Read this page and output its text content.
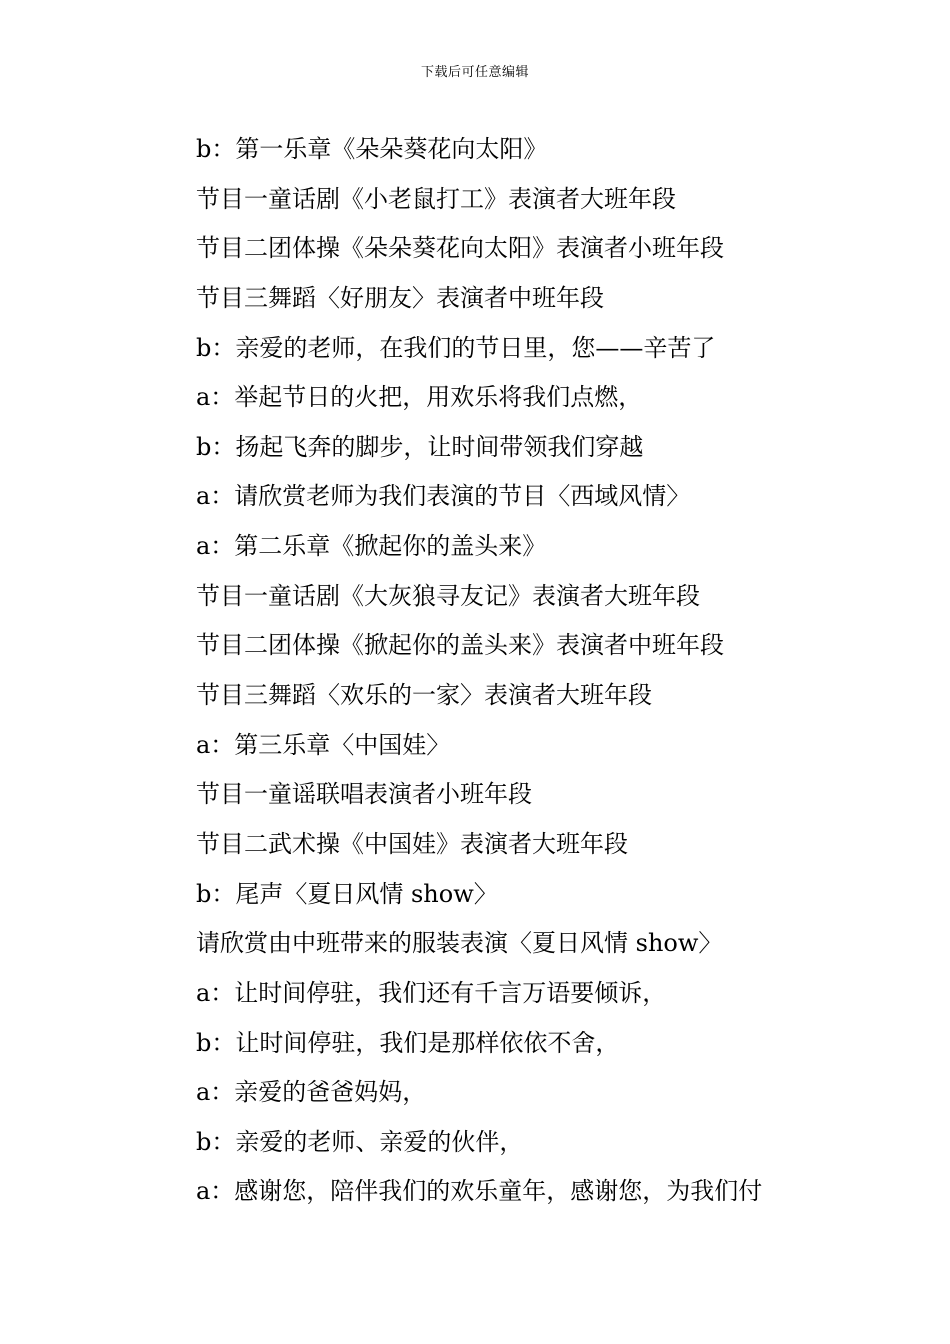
下载后可任意编辑
b：第一乐章《朵朵葵花向太阳》
节目一童话剧《小老鼠打工》表演者大班年段
节目二团体操《朵朵葵花向太阳》表演者小班年段
节目三舞蹈〈好朋友〉表演者中班年段
b：亲爱的老师，在我们的节日里，您——辛苦了
a：举起节日的火把，用欢乐将我们点燃，
b：扬起飞奔的脚步，让时间带领我们穿越
a：请欣赏老师为我们表演的节目〈西域风情〉
a：第二乐章《掀起你的盖头来》
节目一童话剧《大灰狼寻友记》表演者大班年段
节目二团体操《掀起你的盖头来》表演者中班年段
节目三舞蹈〈欢乐的一家〉表演者大班年段
a：第三乐章〈中国娃〉
节目一童谣联唱表演者小班年段
节目二武术操《中国娃》表演者大班年段
b：尾声〈夏日风情 show〉
请欣赏由中班带来的服装表演〈夏日风情 show〉
a：让时间停驻，我们还有千言万语要倾诉，
b：让时间停驻，我们是那样依依不舍，
a：亲爱的爸爸妈妈，
b：亲爱的老师、亲爱的伙伴，
a：感谢您，陪伴我们的欢乐童年，感谢您，为我们付
